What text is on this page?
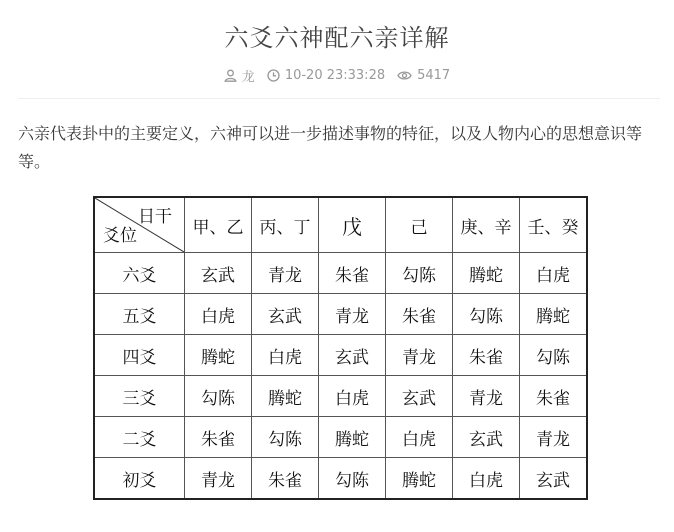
六爻六神配六亲详解
龙 10-20 23:33:28 5417
六亲代表卦中的主要定义，六神可以进一步描述事物的特征，以及人物内心的思想意识等等。
日干
爻位	甲、乙	丙、丁	戊	己	庚、辛	壬、癸
六爻	玄武	青龙	朱雀	勾陈	腾蛇	白虎
五爻	白虎	玄武	青龙	朱雀	勾陈	腾蛇
四爻	腾蛇	白虎	玄武	青龙	朱雀	勾陈
三爻	勾陈	腾蛇	白虎	玄武	青龙	朱雀
二爻	朱雀	勾陈	腾蛇	白虎	玄武	青龙
初爻	青龙	朱雀	勾陈	腾蛇	白虎	玄武
